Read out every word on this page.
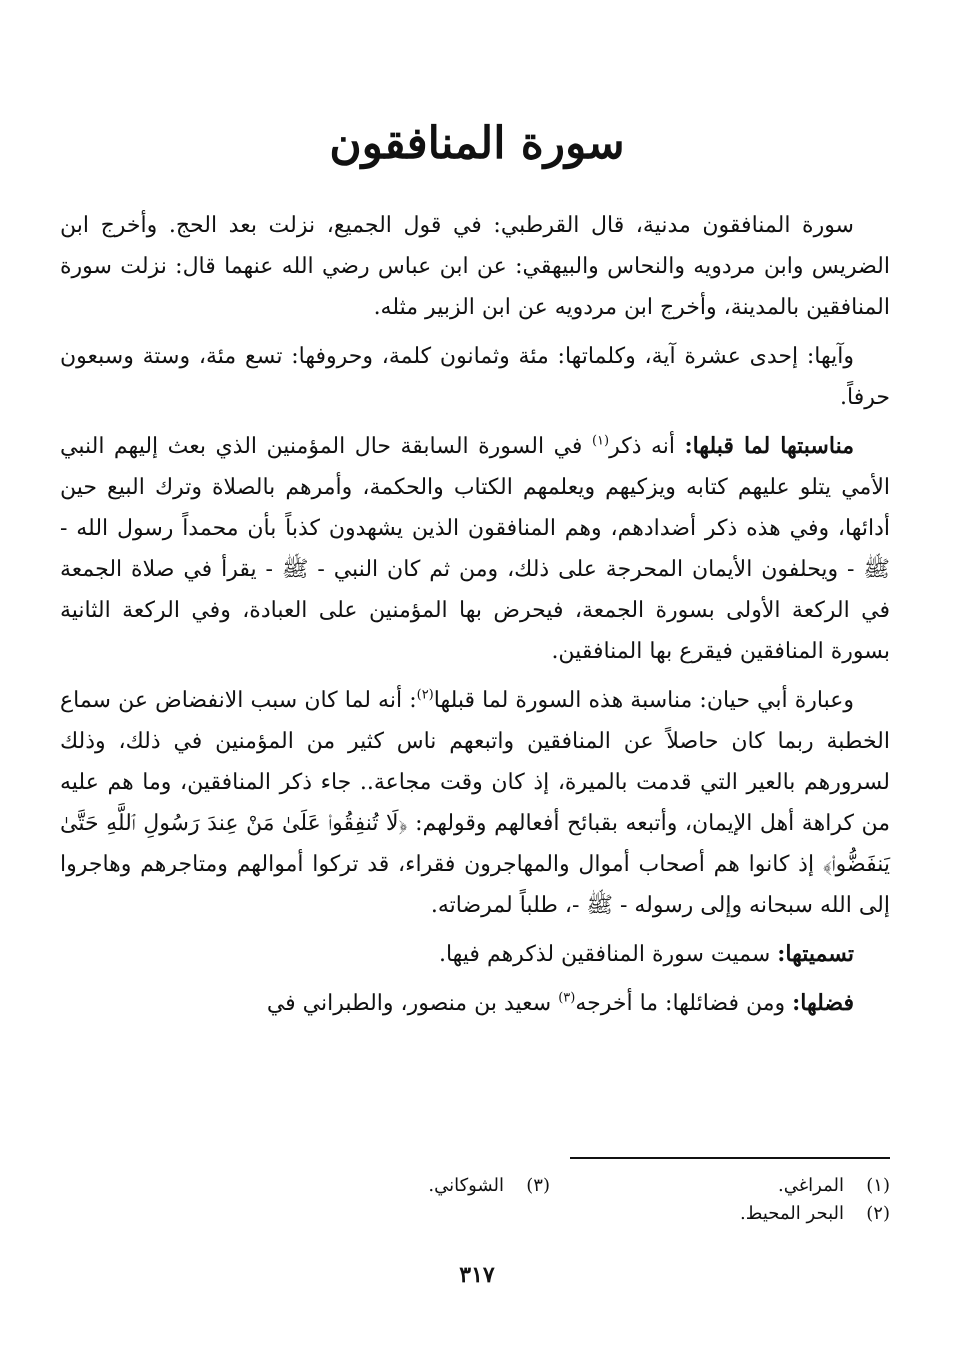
سورة المنافقون

سورة المنافقون مدنية، قال القرطبي: في قول الجميع، نزلت بعد الحج. وأخرج ابن الضريس وابن مردويه والنحاس والبيهقي: عن ابن عباس رضي الله عنهما قال: نزلت سورة المنافقين بالمدينة، وأخرج ابن مردويه عن ابن الزبير مثله.

وآيها: إحدى عشرة آية، وكلماتها: مئة وثمانون كلمة، وحروفها: تسع مئة، وستة وسبعون حرفاً.

مناسبتها لما قبلها: أنه ذكر$^{(١)}$ في السورة السابقة حال المؤمنين الذي بعث إليهم النبي الأمي يتلو عليهم كتابه ويزكيهم ويعلمهم الكتاب والحكمة، وأمرهم بالصلاة وترك البيع حين أدائها، وفي هذه ذكر أضدادهم، وهم المنافقون الذين يشهدون كذباً بأن محمداً رسول الله - ﷺ - ويحلفون الأيمان المحرجة على ذلك، ومن ثم كان النبي - ﷺ - يقرأ في صلاة الجمعة في الركعة الأولى بسورة الجمعة، فيحرض بها المؤمنين على العبادة، وفي الركعة الثانية بسورة المنافقين فيقرع بها المنافقين.

وعبارة أبي حيان: مناسبة هذه السورة لما قبلها$^{(٢)}$: أنه لما كان سبب الانفضاض عن سماع الخطبة ربما كان حاصلاً عن المنافقين واتبعهم ناس كثير من المؤمنين في ذلك، وذلك لسرورهم بالعير التي قدمت بالميرة، إذ كان وقت مجاعة.. جاء ذكر المنافقين، وما هم عليه من كراهة أهل الإيمان، وأتبعه بقبائح أفعالهم وقولهم: ﴿لَا تُنفِقُوا۟ عَلَىٰ مَنْ عِندَ رَسُولِ ٱللَّهِ حَتَّىٰ يَنفَضُّوا۟﴾ إذ كانوا هم أصحاب أموال والمهاجرون فقراء، قد تركوا أموالهم ومتاجرهم وهاجروا إلى الله سبحانه وإلى رسوله - ﷺ -، طلباً لمرضاته.

تسميتها: سميت سورة المنافقين لذكرهم فيها.

فضلها: ومن فضائلها: ما أخرجه$^{(٣)}$ سعيد بن منصور، والطبراني في

(١)المراغي.
(٣)الشوكاني.
(٢)البحر المحيط.
٣١٧
